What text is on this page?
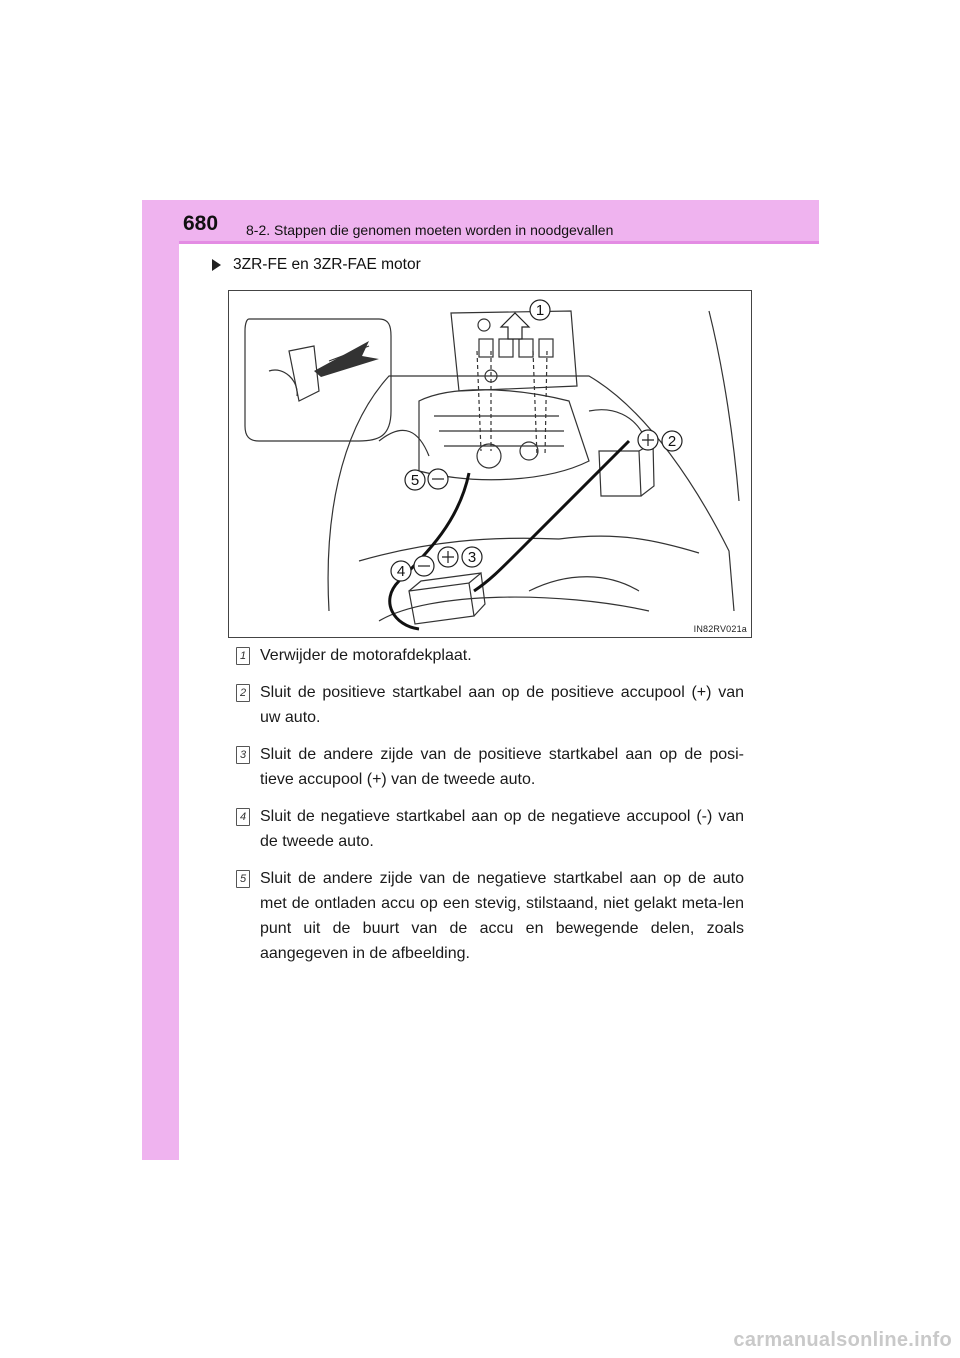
680 8-2. Stappen die genomen moeten worden in noodgevallen
3ZR-FE en 3ZR-FAE motor
1
2
3
4
5
IN82RV021a
1 Verwijder de motorafdekplaat.
2 Sluit de positieve startkabel aan op de positieve accupool (+) van uw auto.
3 Sluit de andere zijde van de positieve startkabel aan op de posi-tieve accupool (+) van de tweede auto.
4 Sluit de negatieve startkabel aan op de negatieve accupool (-) van de tweede auto.
5 Sluit de andere zijde van de negatieve startkabel aan op de auto met de ontladen accu op een stevig, stilstaand, niet gelakt meta-len punt uit de buurt van de accu en bewegende delen, zoals aangegeven in de afbeelding.
carmanualsonline.info
